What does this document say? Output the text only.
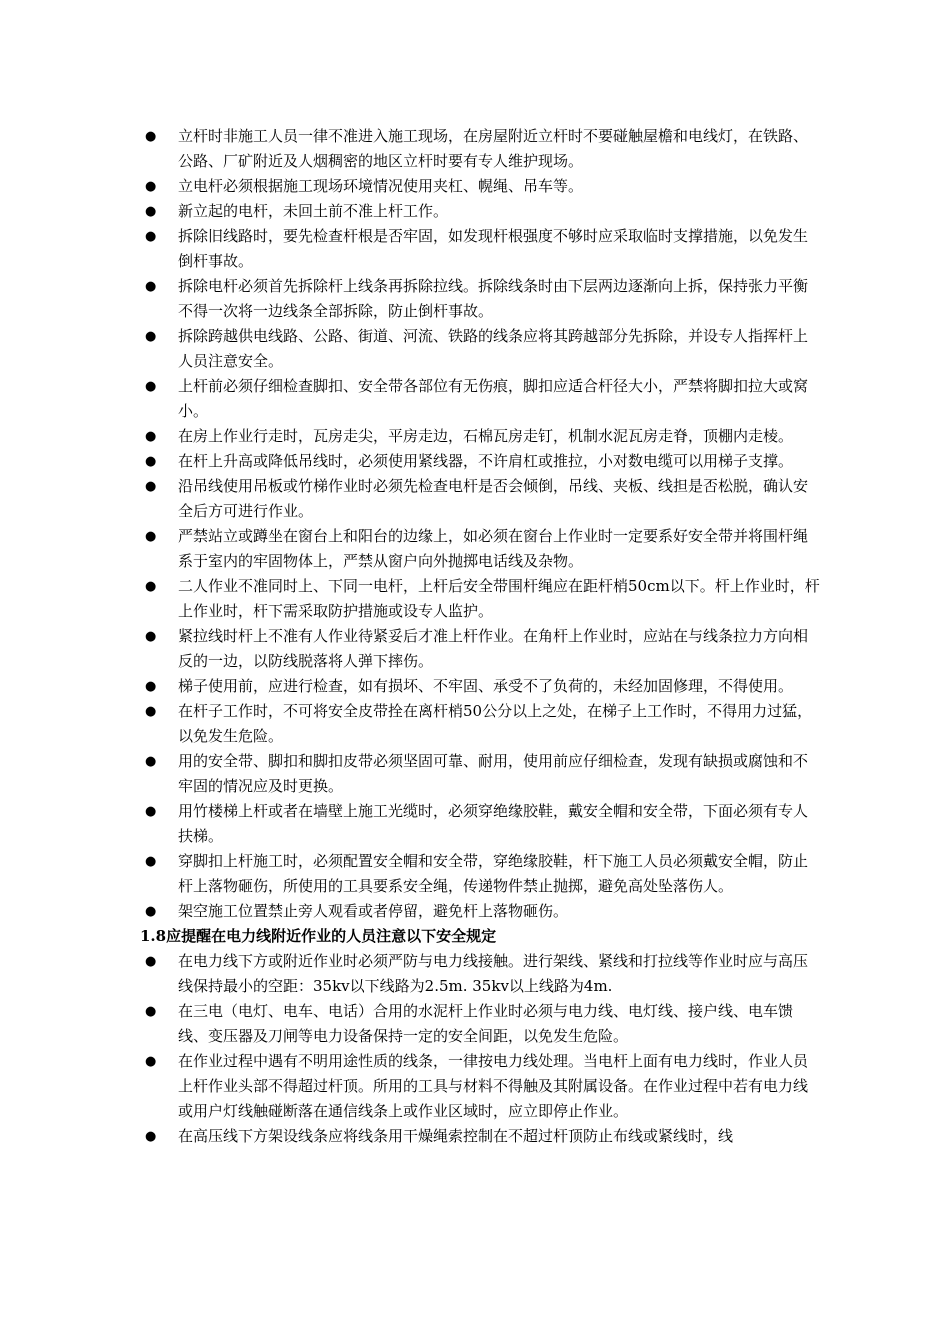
● 立杆时非施工人员一律不准进入施工现场，在房屋附近立杆时不要碰触屋檐和电线灯，在铁路、公路、厂矿附近及人烟稠密的地区立杆时要有专人维护现场。
● 立电杆必须根据施工现场环境情况使用夹杠、幌绳、吊车等。
● 新立起的电杆，未回土前不准上杆工作。
● 拆除旧线路时，要先检查杆根是否牢固，如发现杆根强度不够时应采取临时支撑措施，以免发生倒杆事故。
● 拆除电杆必须首先拆除杆上线条再拆除拉线。拆除线条时由下层两边逐渐向上拆，保持张力平衡不得一次将一边线条全部拆除，防止倒杆事故。
● 拆除跨越供电线路、公路、街道、河流、铁路的线条应将其跨越部分先拆除，并设专人指挥杆上人员注意安全。
● 上杆前必须仔细检查脚扣、安全带各部位有无伤痕，脚扣应适合杆径大小，严禁将脚扣拉大或窝小。
● 在房上作业行走时，瓦房走尖，平房走边，石棉瓦房走钉，机制水泥瓦房走脊，顶棚内走棱。
● 在杆上升高或降低吊线时，必须使用紧线器，不许肩杠或推拉，小对数电缆可以用梯子支撑。
● 沿吊线使用吊板或竹梯作业时必须先检查电杆是否会倾倒，吊线、夹板、线担是否松脱，确认安全后方可进行作业。
● 严禁站立或蹲坐在窗台上和阳台的边缘上，如必须在窗台上作业时一定要系好安全带并将围杆绳系于室内的牢固物体上，严禁从窗户向外抛掷电话线及杂物。
● 二人作业不准同时上、下同一电杆，上杆后安全带围杆绳应在距杆梢50cm以下。杆上作业时，杆上作业时，杆下需采取防护措施或设专人监护。
● 紧拉线时杆上不准有人作业待紧妥后才准上杆作业。在角杆上作业时，应站在与线条拉力方向相反的一边，以防线脱落将人弹下摔伤。
● 梯子使用前，应进行检查，如有损坏、不牢固、承受不了负荷的，未经加固修理，不得使用。
● 在杆子工作时，不可将安全皮带拴在离杆梢50公分以上之处，在梯子上工作时，不得用力过猛，以免发生危险。
● 用的安全带、脚扣和脚扣皮带必须坚固可靠、耐用，使用前应仔细检查，发现有缺损或腐蚀和不牢固的情况应及时更换。
● 用竹楼梯上杆或者在墙壁上施工光缆时，必须穿绝缘胶鞋，戴安全帽和安全带，下面必须有专人扶梯。
● 穿脚扣上杆施工时，必须配置安全帽和安全带，穿绝缘胶鞋，杆下施工人员必须戴安全帽，防止杆上落物砸伤，所使用的工具要系安全绳，传递物件禁止抛掷，避免高处坠落伤人。
● 架空施工位置禁止旁人观看或者停留，避免杆上落物砸伤。
1.8应提醒在电力线附近作业的人员注意以下安全规定
● 在电力线下方或附近作业时必须严防与电力线接触。进行架线、紧线和打拉线等作业时应与高压线保持最小的空距：35kv以下线路为2.5m. 35kv以上线路为4m.
● 在三电（电灯、电车、电话）合用的水泥杆上作业时必须与电力线、电灯线、接户线、电车馈线、变压器及刀闸等电力设备保持一定的安全间距，以免发生危险。
● 在作业过程中遇有不明用途性质的线条，一律按电力线处理。当电杆上面有电力线时，作业人员上杆作业头部不得超过杆顶。所用的工具与材料不得触及其附属设备。在作业过程中若有电力线或用户灯线触碰断落在通信线条上或作业区域时，应立即停止作业。
● 在高压线下方架设线条应将线条用干燥绳索控制在不超过杆顶防止布线或紧线时，线
